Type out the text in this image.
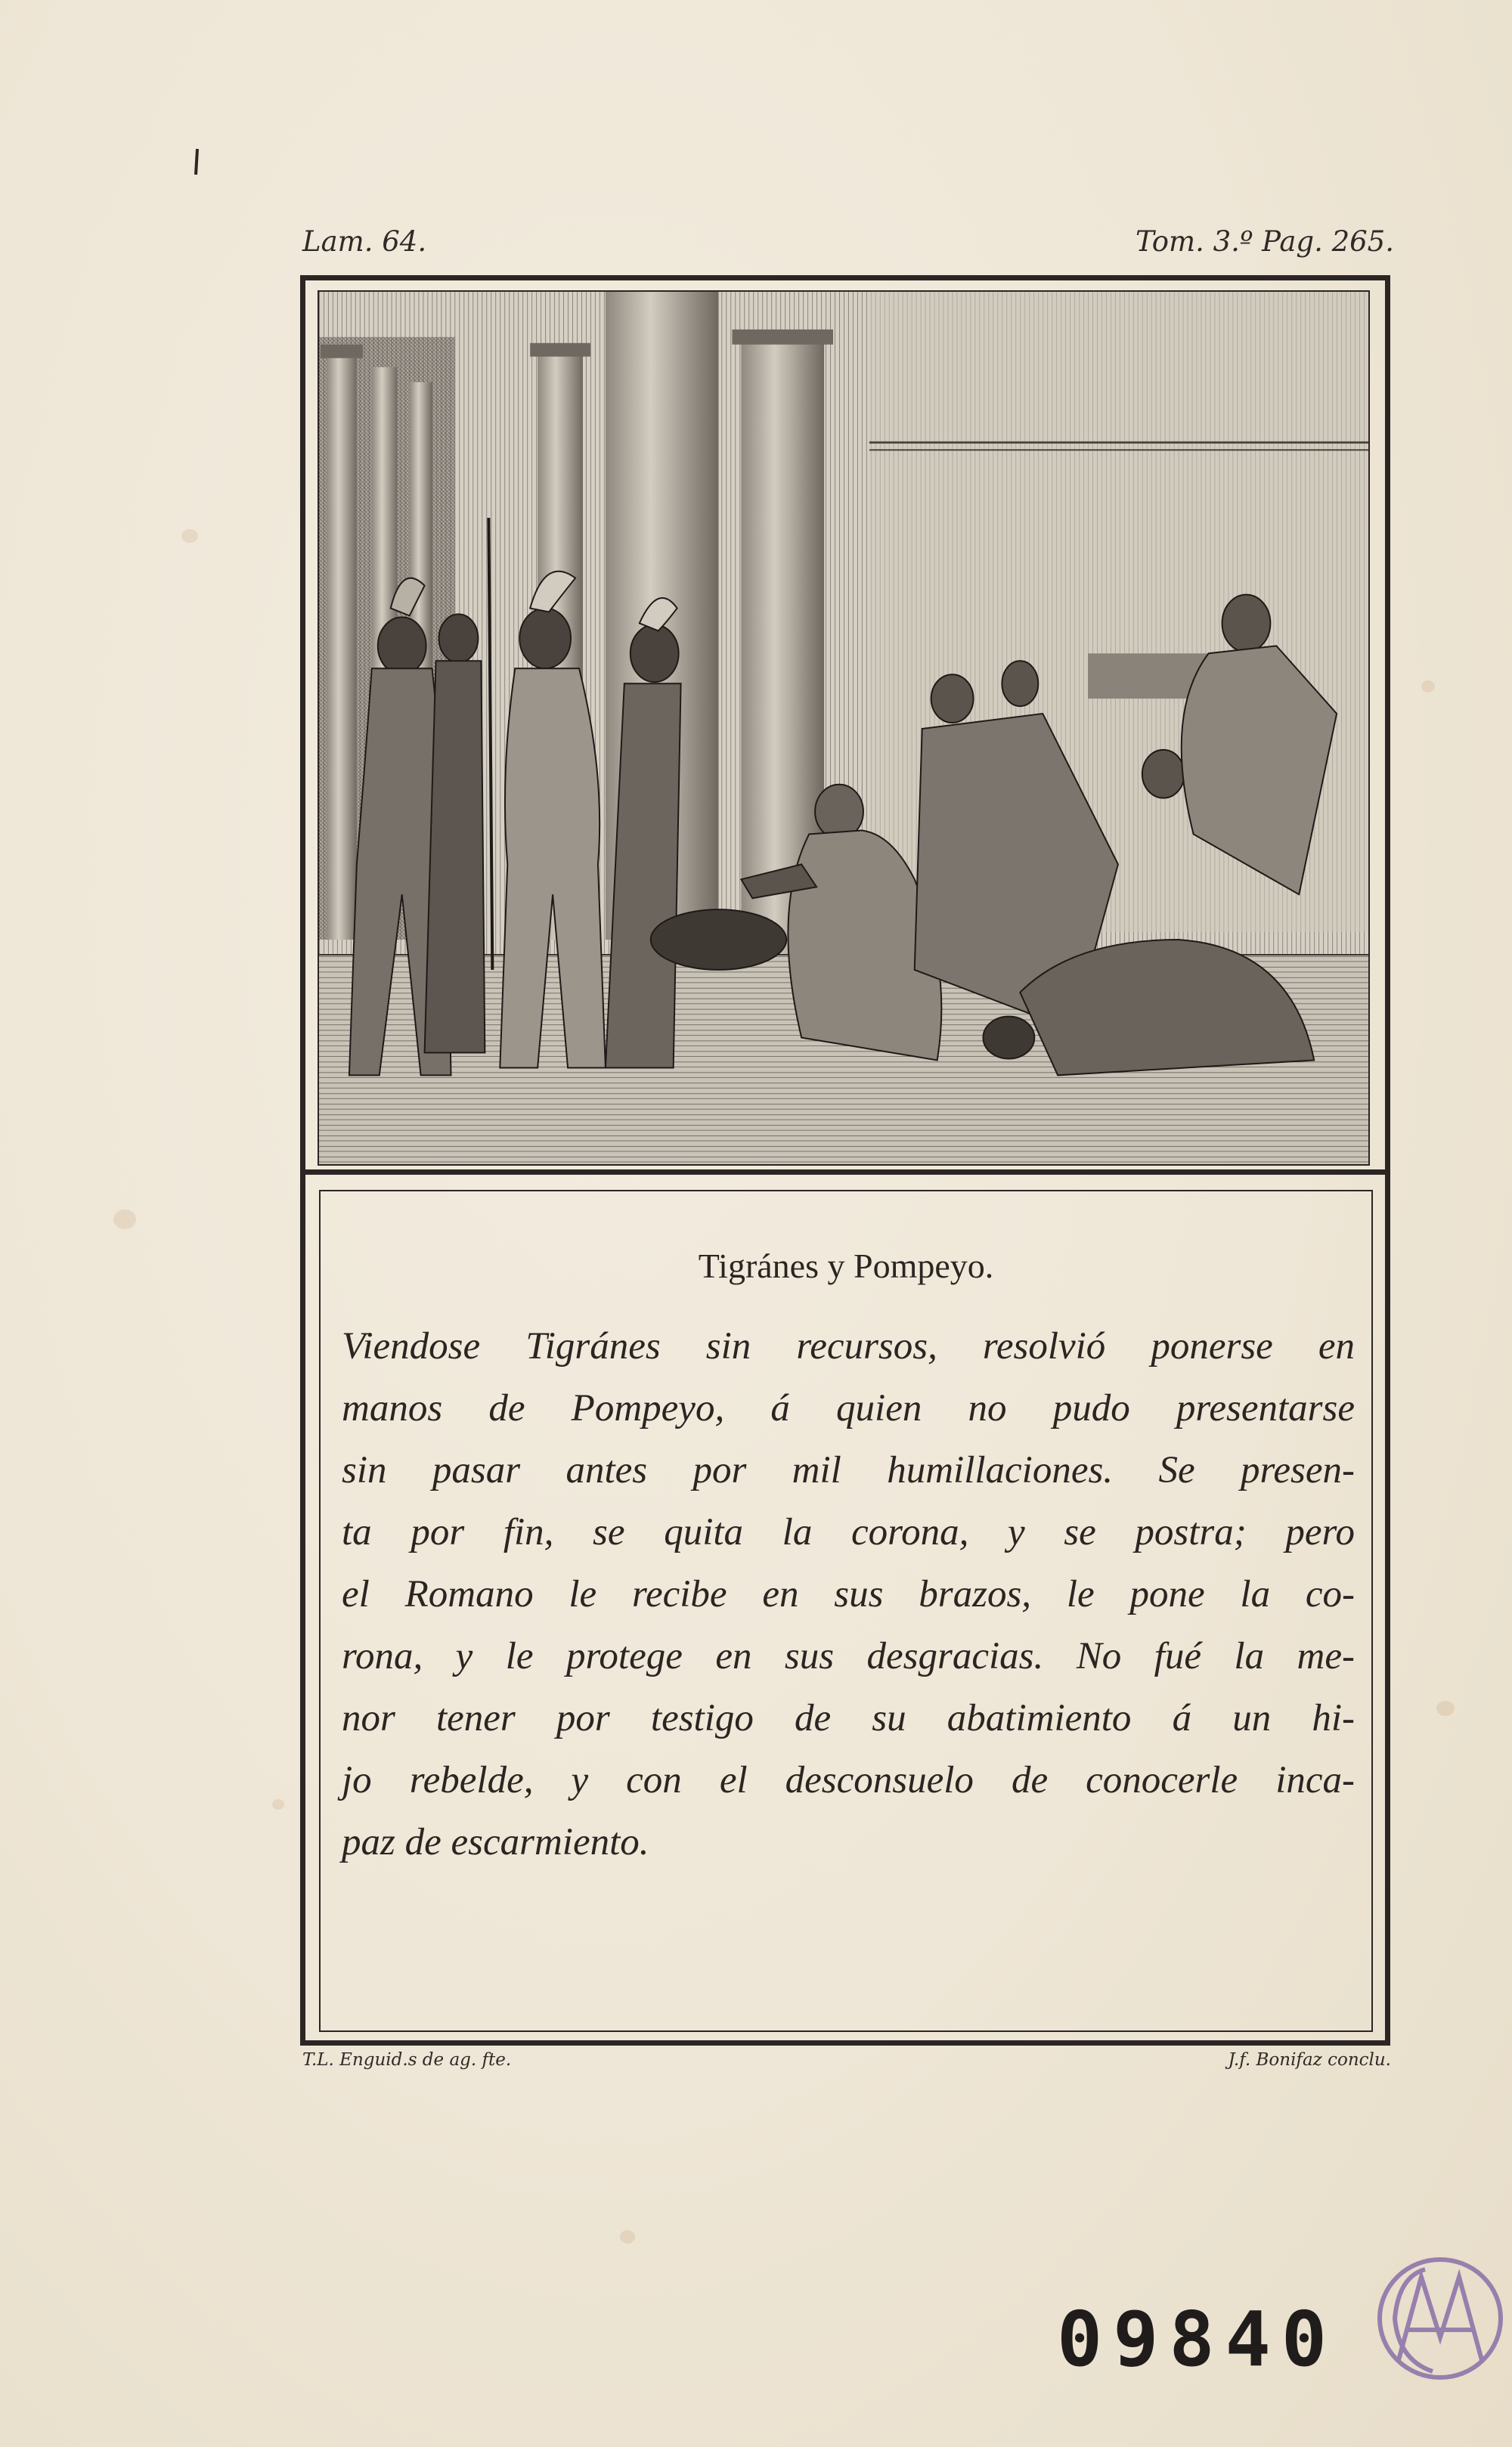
Lam. 64.	Tom. 3.º Pag. 265.
Tigránes y Pompeyo.
Viendose Tigránes sin recursos, resolvió ponerse en
manos de Pompeyo, á quien no pudo presentarse
sin pasar antes por mil humillaciones. Se presen-
ta por fin, se quita la corona, y se postra; pero
el Romano le recibe en sus brazos, le pone la co-
rona, y le protege en sus desgracias. No fué la me-
nor tener por testigo de su abatimiento á un hi-
jo rebelde, y con el desconsuelo de conocerle inca-
paz de escarmiento.
T.L. Enguid.s de ag. fte.	J.f. Bonifaz conclu.
09840
